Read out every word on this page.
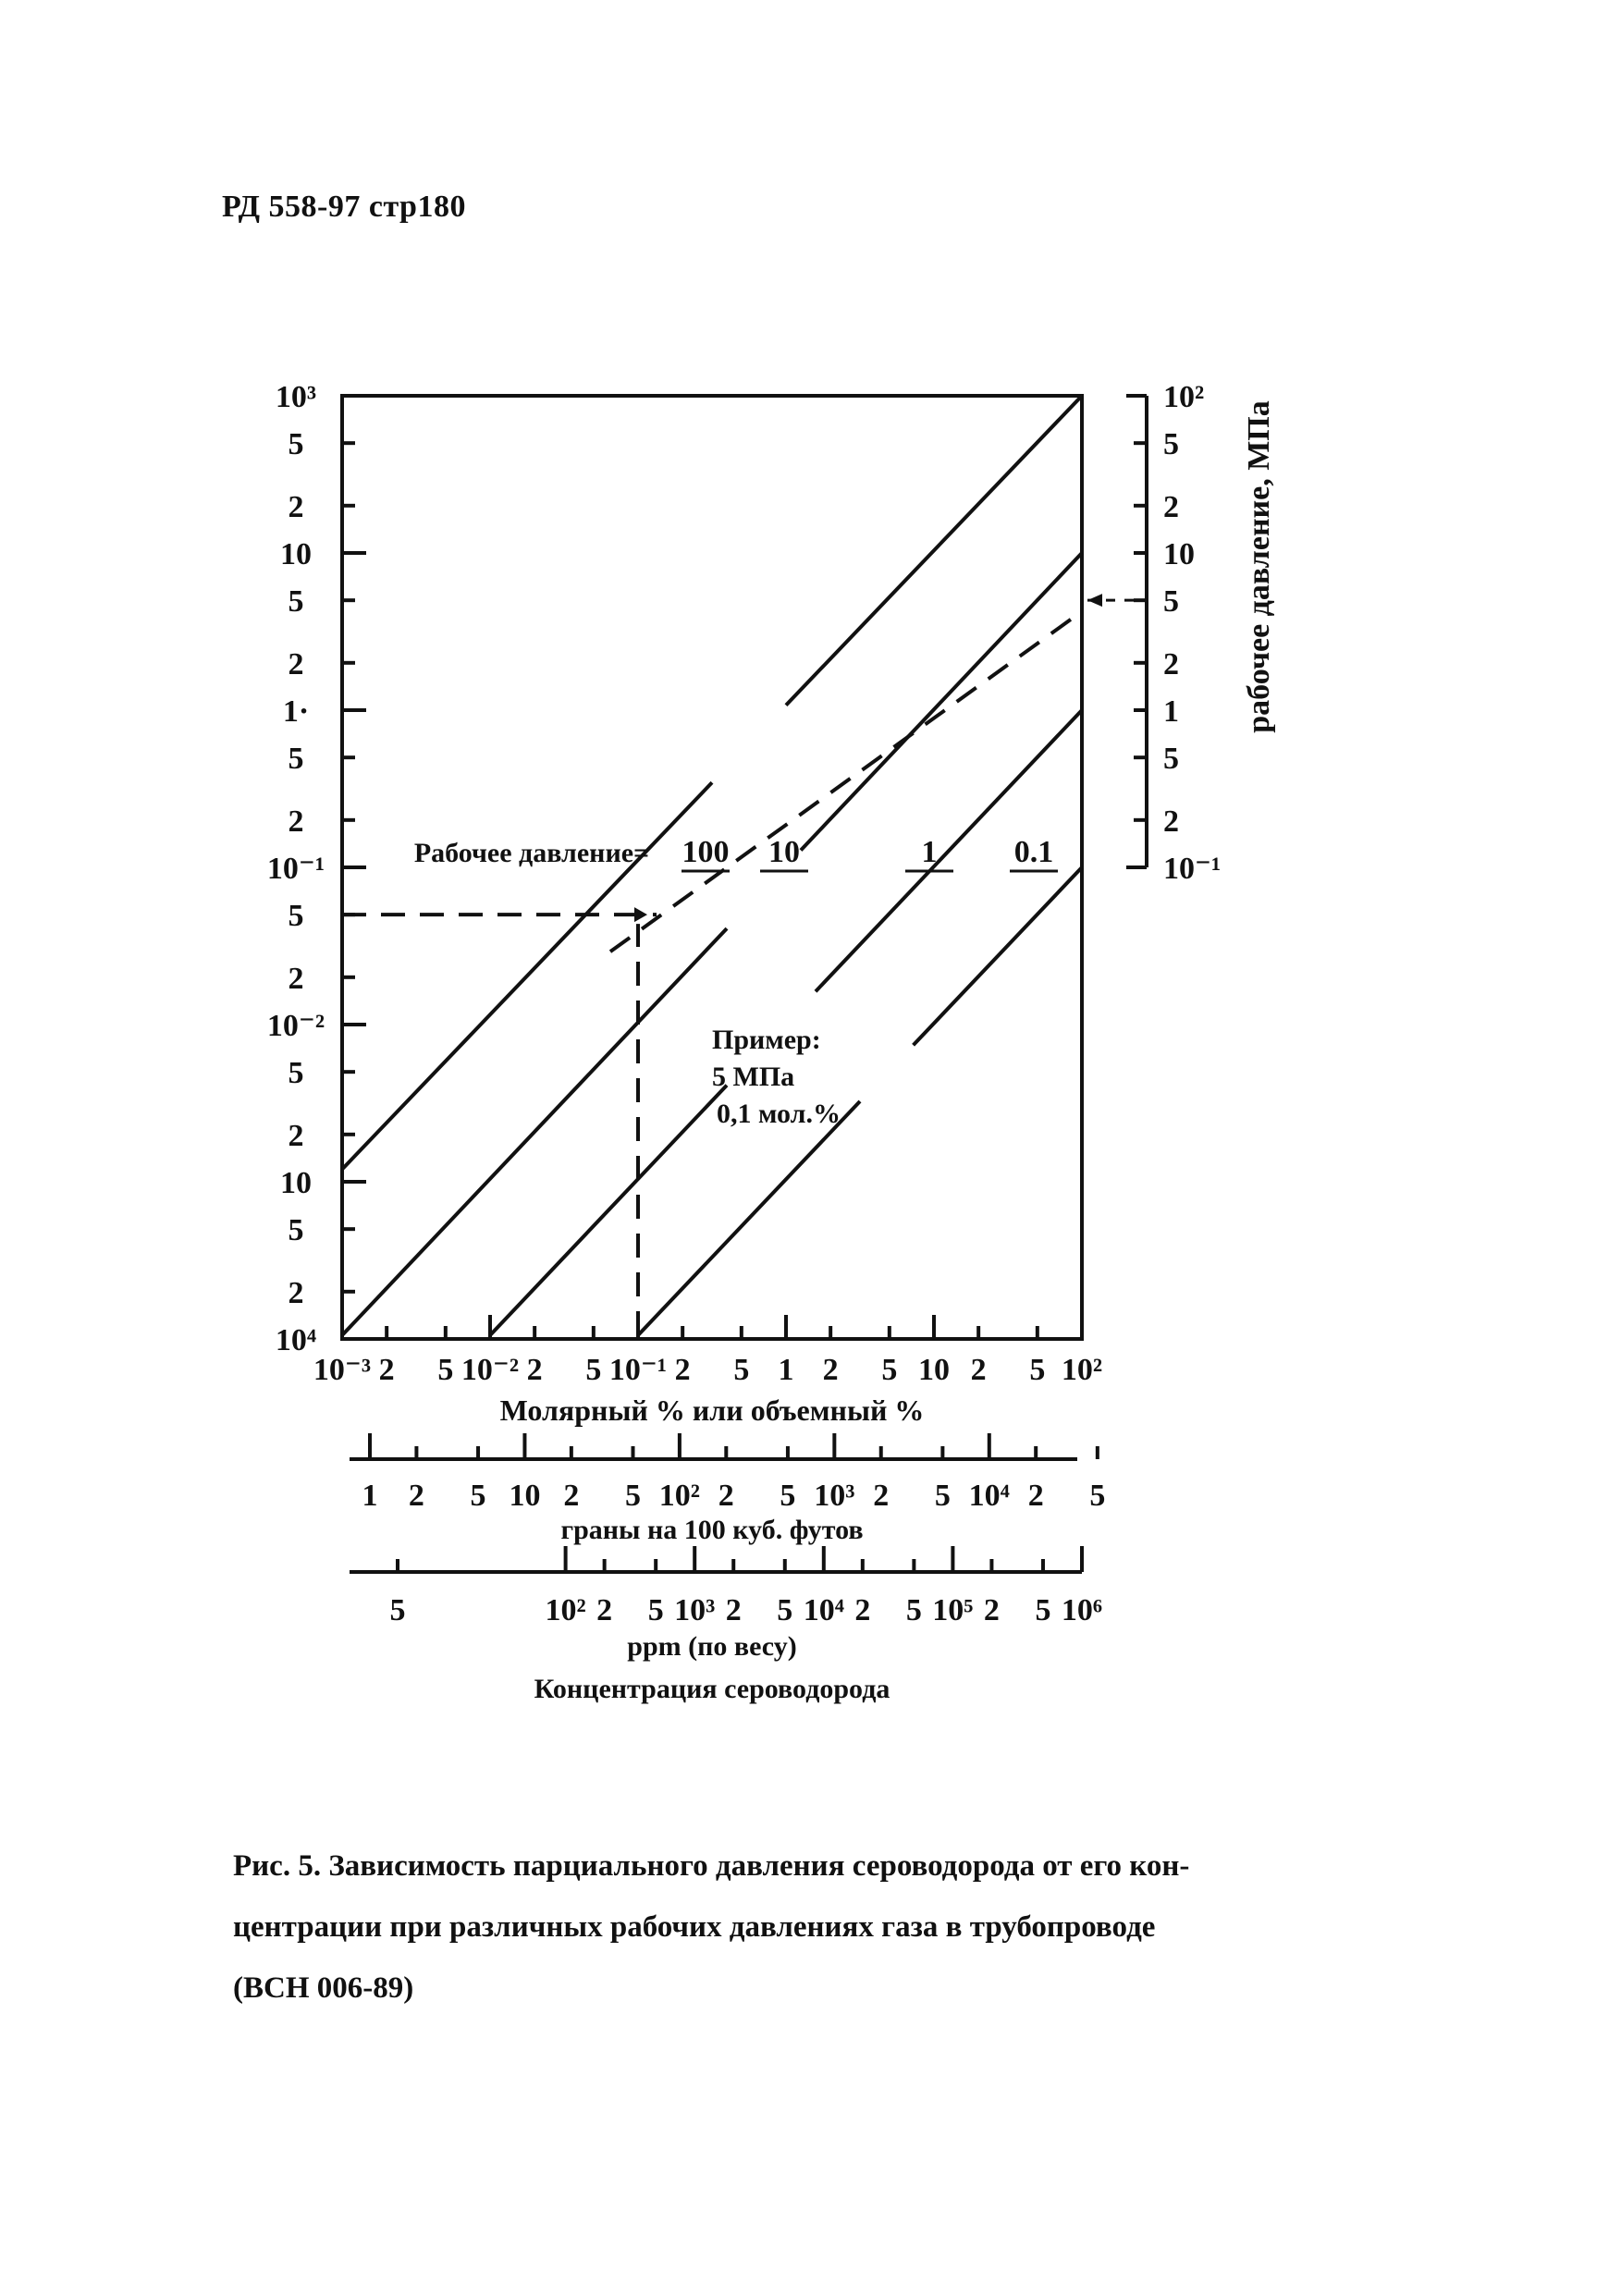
РД 558-97 стр180
10³
5
2
10
5
2
1·
5
2
10⁻¹
5
2
10⁻²
5
2
10
5
2
10⁴
10²
5
2
10
5
2
1
5
2
10⁻¹
рабочее давление, МПа
Пример:
5 МПа
0,1 мол.%
10⁻³ 2 5 10⁻² 2 5 10⁻¹ 2 5 1 2 5 10 2 5 10²
Молярный % или объемный %
1 2 5 10 2 5 10² 2 5 10³ 2 5 10⁴ 2 5
граны на 100 куб. футов
5	10² 2 5 10³ 2 5 10⁴ 2 5 10⁵ 2 5 10⁶
ppm (по весу)
Концентрация сероводорода
Рабочее давление= 100 10	1 0.1
Рис. 5. Зависимость парциального давления сероводорода от его кон-
центрации при различных рабочих давлениях газа в трубопроводе
(ВСН 006-89)
